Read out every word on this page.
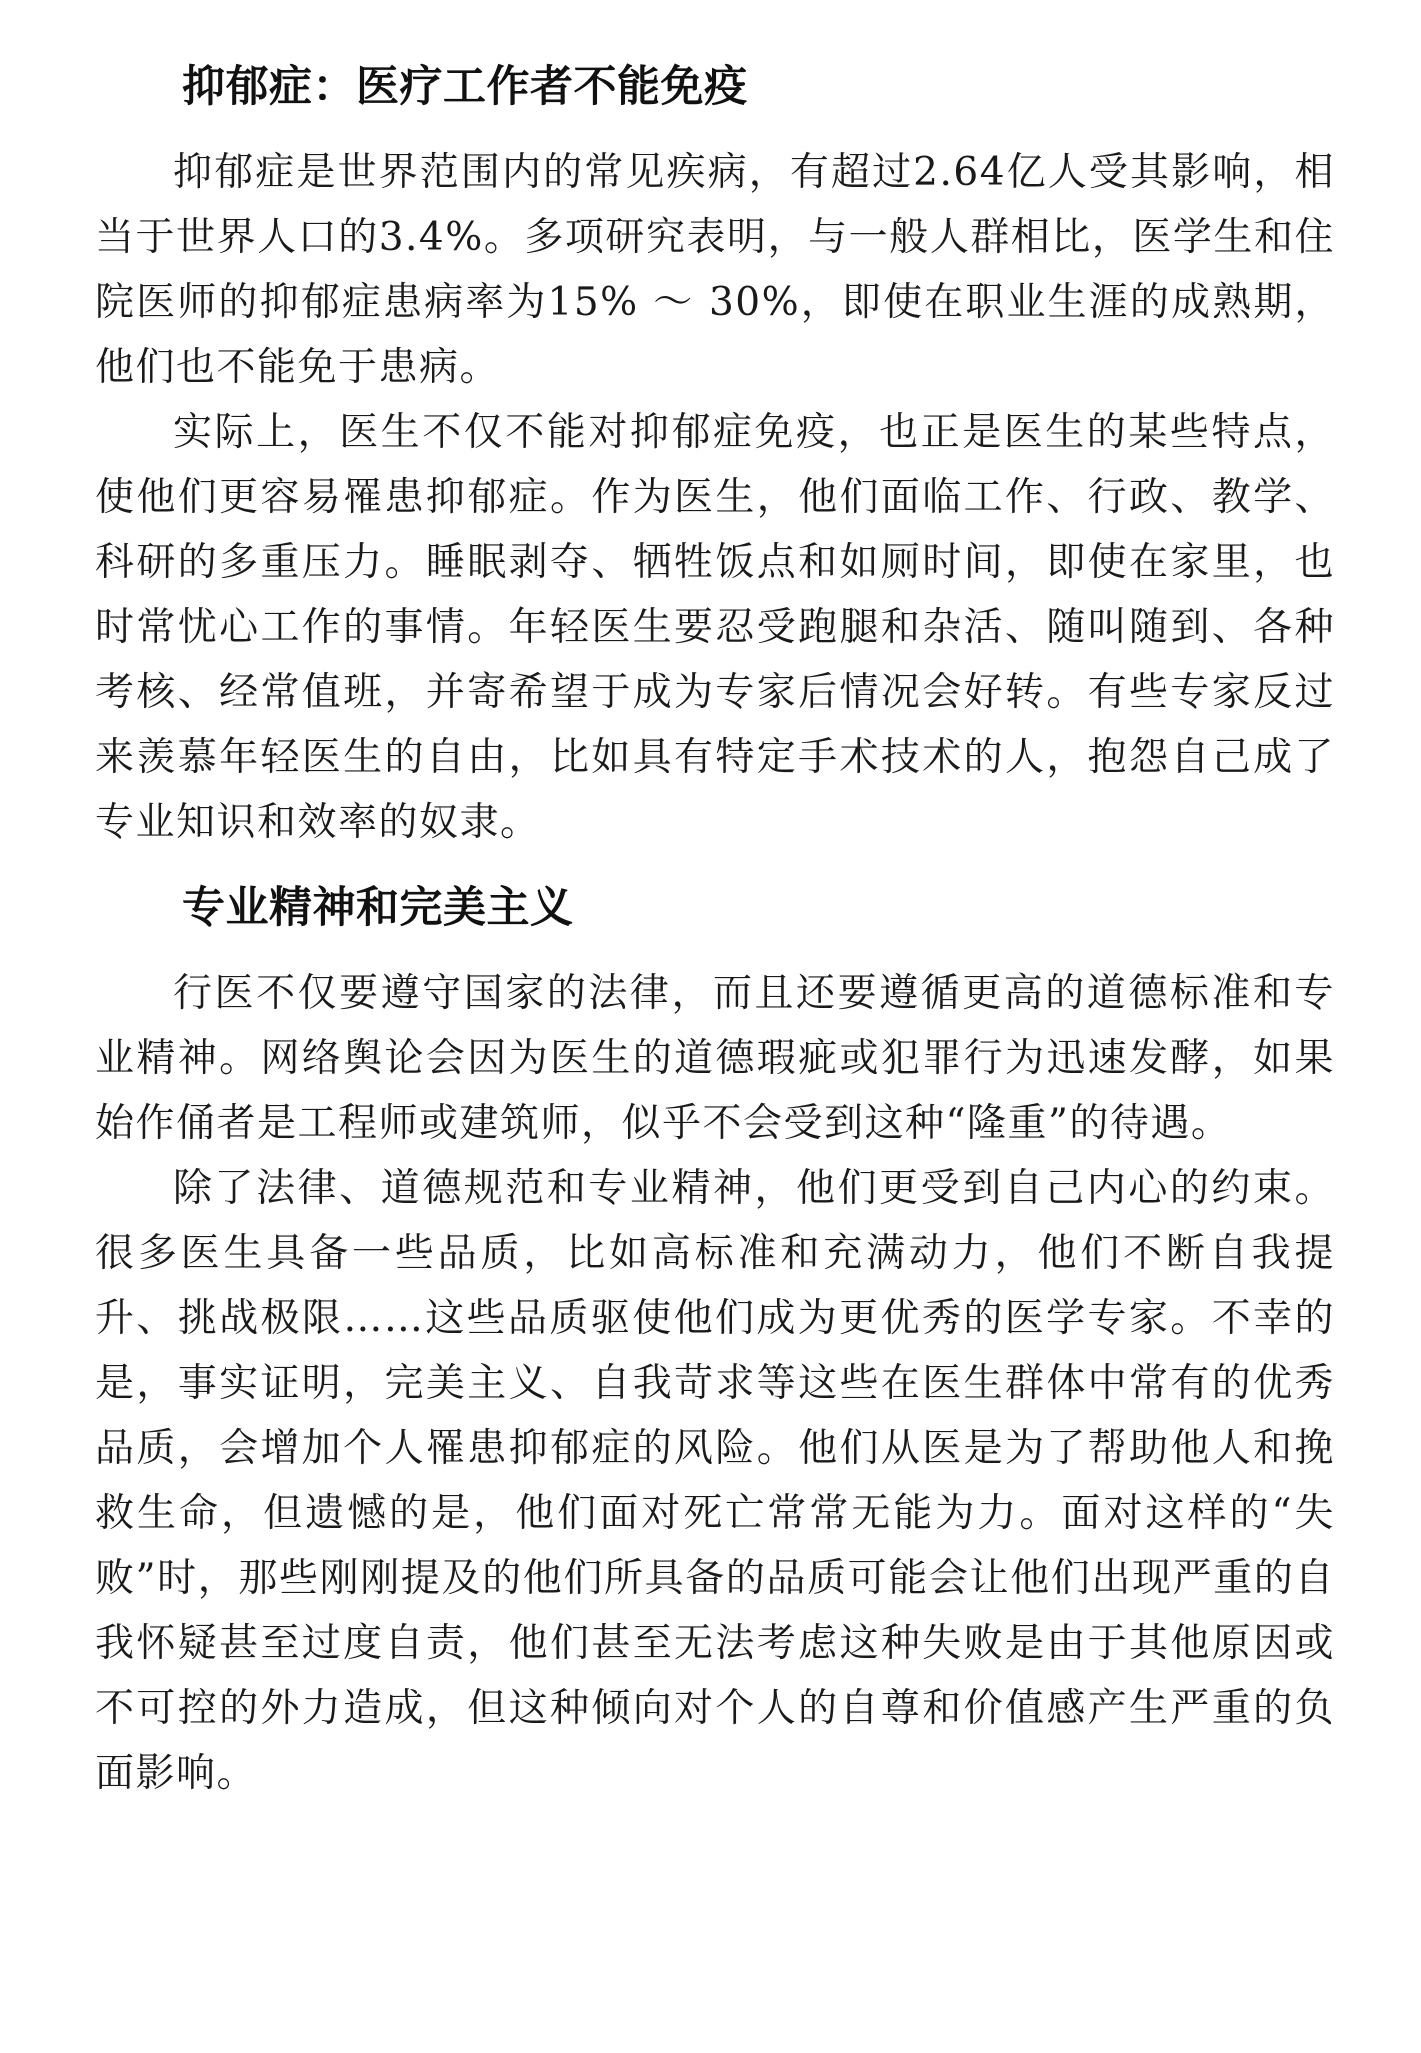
抑郁症：医疗工作者不能免疫

抑郁症是世界范围内的常见疾病，有超过2.64亿人受其影响，相当于世界人口的3.4%。多项研究表明，与一般人群相比，医学生和住院医师的抑郁症患病率为15% ～ 30%，即使在职业生涯的成熟期，他们也不能免于患病。

实际上，医生不仅不能对抑郁症免疫，也正是医生的某些特点，使他们更容易罹患抑郁症。作为医生，他们面临工作、行政、教学、科研的多重压力。睡眠剥夺、牺牲饭点和如厕时间，即使在家里，也时常忧心工作的事情。年轻医生要忍受跑腿和杂活、随叫随到、各种考核、经常值班，并寄希望于成为专家后情况会好转。有些专家反过来羡慕年轻医生的自由，比如具有特定手术技术的人，抱怨自己成了专业知识和效率的奴隶。

专业精神和完美主义

行医不仅要遵守国家的法律，而且还要遵循更高的道德标准和专业精神。网络舆论会因为医生的道德瑕疵或犯罪行为迅速发酵，如果始作俑者是工程师或建筑师，似乎不会受到这种“隆重”的待遇。

除了法律、道德规范和专业精神，他们更受到自己内心的约束。很多医生具备一些品质，比如高标准和充满动力，他们不断自我提升、挑战极限……这些品质驱使他们成为更优秀的医学专家。不幸的是，事实证明，完美主义、自我苛求等这些在医生群体中常有的优秀品质，会增加个人罹患抑郁症的风险。他们从医是为了帮助他人和挽救生命，但遗憾的是，他们面对死亡常常无能为力。面对这样的“失败”时，那些刚刚提及的他们所具备的品质可能会让他们出现严重的自我怀疑甚至过度自责，他们甚至无法考虑这种失败是由于其他原因或不可控的外力造成，但这种倾向对个人的自尊和价值感产生严重的负面影响。
